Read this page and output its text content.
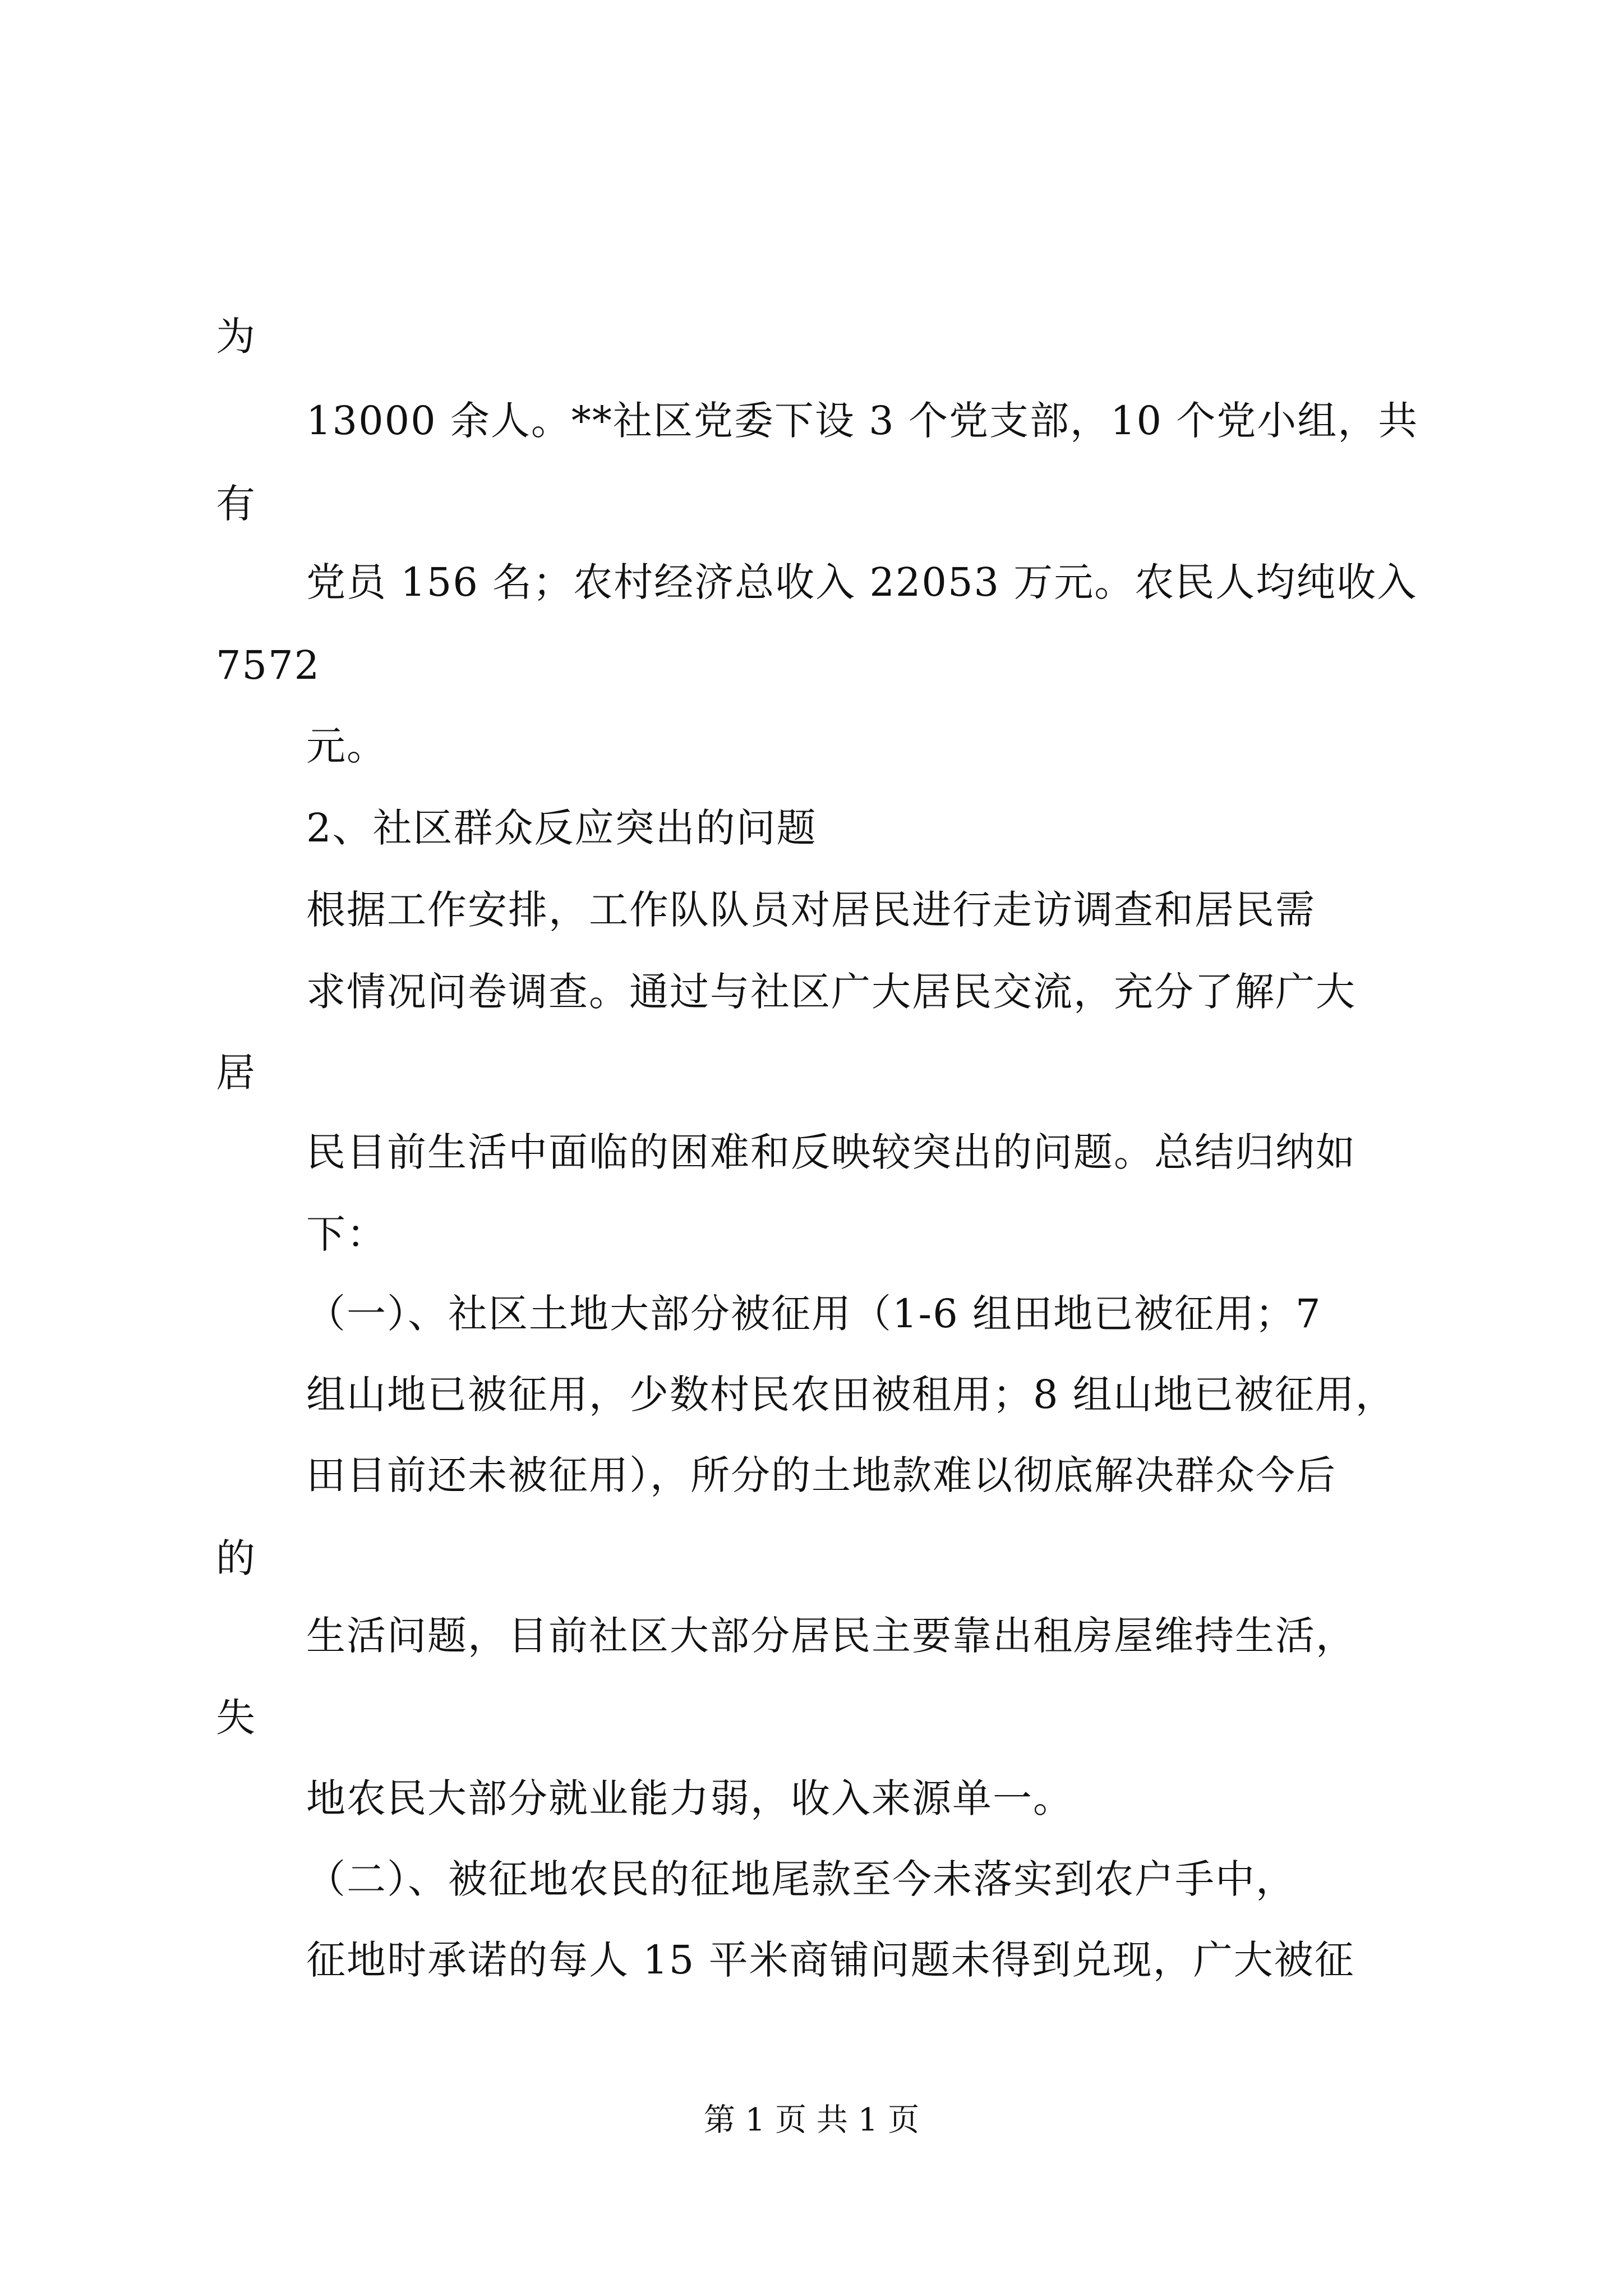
为
13000 余人。**社区党委下设 3 个党支部，10 个党小组，共
有
党员 156 名；农村经济总收入 22053 万元。农民人均纯收入
7572
元。
2、社区群众反应突出的问题
根据工作安排，工作队队员对居民进行走访调查和居民需
求情况问卷调查。通过与社区广大居民交流，充分了解广大
居
民目前生活中面临的困难和反映较突出的问题。总结归纳如
下：
（一）、社区土地大部分被征用（1-6 组田地已被征用；7
组山地已被征用，少数村民农田被租用；8 组山地已被征用，
田目前还未被征用），所分的土地款难以彻底解决群众今后
的
生活问题，目前社区大部分居民主要靠出租房屋维持生活，
失
地农民大部分就业能力弱，收入来源单一。
（二）、被征地农民的征地尾款至今未落实到农户手中，
征地时承诺的每人 15 平米商铺问题未得到兑现，广大被征
第 1 页 共 1 页
